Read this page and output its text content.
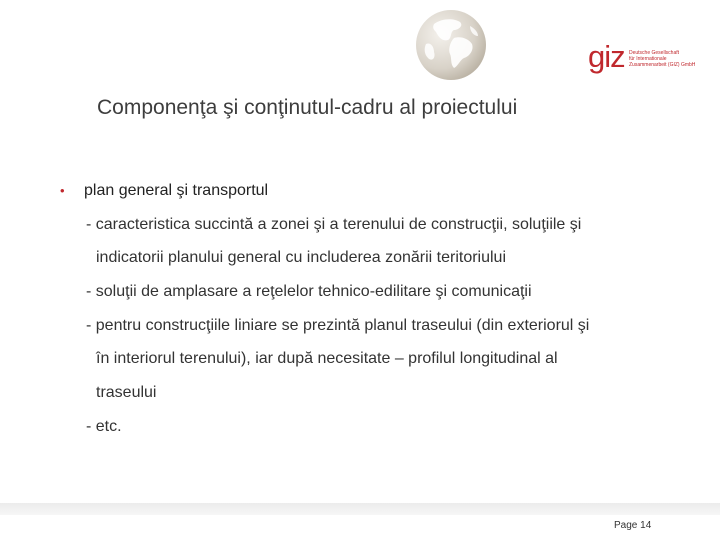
giz Deutsche Gesellschaft
für Internationale
Zusammenarbeit (GIZ) GmbH
Componenţa şi conţinutul-cadru al proiectului
•	plan general şi transportul
- caracteristica succintă a zonei şi a terenului de construcţii, soluţiile şi
indicatorii planului general cu includerea zonării teritoriului
- soluţii de amplasare a reţelelor tehnico-edilitare şi comunicaţii
- pentru construcţiile liniare se prezintă planul traseului (din exteriorul şi
în interiorul terenului), iar după necesitate – profilul longitudinal al
traseului
- etc.
Page 14
